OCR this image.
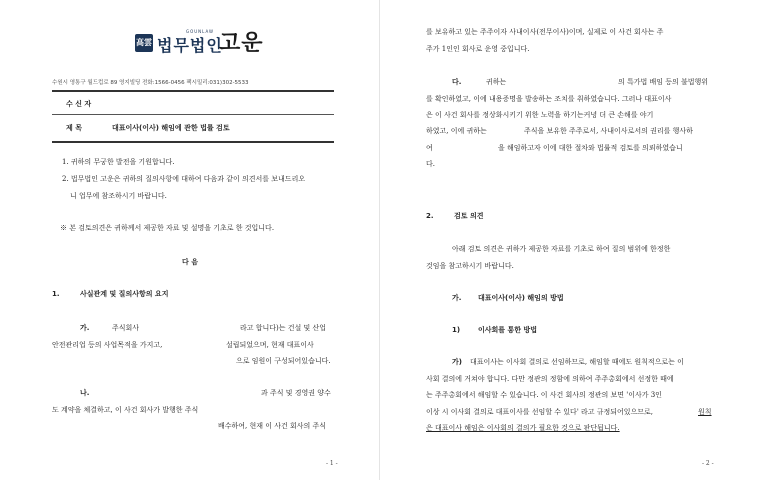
高雲
GOUNLAW
법무법인
고운
수원시 영통구 월드컵로 89 영지빌딩 전화:1566-0456 팩시밀리:031)302-5533
수 신 자
제 목	대표이사(이사) 해임에 관한 법률 검토
1. 귀하의 무궁한 발전을 기원합니다.
2. 법무법인 고운은 귀하의 질의사항에 대하여 다음과 같이 의견서를 보내드리오
니 업무에 참조하시기 바랍니다.
※ 본 검토의견은 귀하께서 제공한 자료 및 설명을 기초로 한 것입니다.
다 음
1.	사실관계 및 질의사항의 요지
가.	주식회사	라고 합니다)는 건설 및 산업
안전관리업 등의 사업목적을 가지고,	설립되었으며, 현재 대표이사
으로 임원이 구성되어있습니다.
나.	과 주식 및 경영권 양수
도 계약을 체결하고, 이 사건 회사가 발행한 주식
배수하여, 현재 이 사건 회사의 주식
- 1 -
를 보유하고 있는 주주이자 사내이사(전무이사)이며, 실제로 이 사건 회사는 주
주가 1인인 회사로 운영 중입니다.
다.	귀하는	의 특가법 배임 등의 불법행위
를 확인하였고, 이에 내용증명을 발송하는 조치를 취하였습니다. 그러나 대표이사
은 이 사건 회사를 정상화시키기 위한 노력을 하기는커녕 더 큰 손해를 야기
하였고, 이에 귀하는	주식을 보유한 주주로서, 사내이사로서의 권리를 행사하
여	을 해임하고자 이에 대한 절차와 법률적 검토를 의뢰하였습니
다.
2.	검토 의견
아래 검토 의견은 귀하가 제공한 자료를 기초로 하여 질의 범위에 한정한
것임을 참고하시기 바랍니다.
가. 대표이사(이사) 해임의 방법
1)	이사회를 통한 방법
가) 대표이사는 이사회 결의로 선임하므로, 해임할 때에도 원칙적으로는 이
사회 결의에 거쳐야 합니다. 다만 정관의 정함에 의하여 주주총회에서 선정한 때에
는 주주총회에서 해임할 수 있습니다. 이 사건 회사의 정관의 보면 '이사가 3인
이상 시 이사회 결의로 대표이사를 선임할 수 있다' 라고 규정되어있으므로,	원칙
은 대표이사 해임은 이사회의 결의가 필요한 것으로 판단됩니다.
- 2 -
